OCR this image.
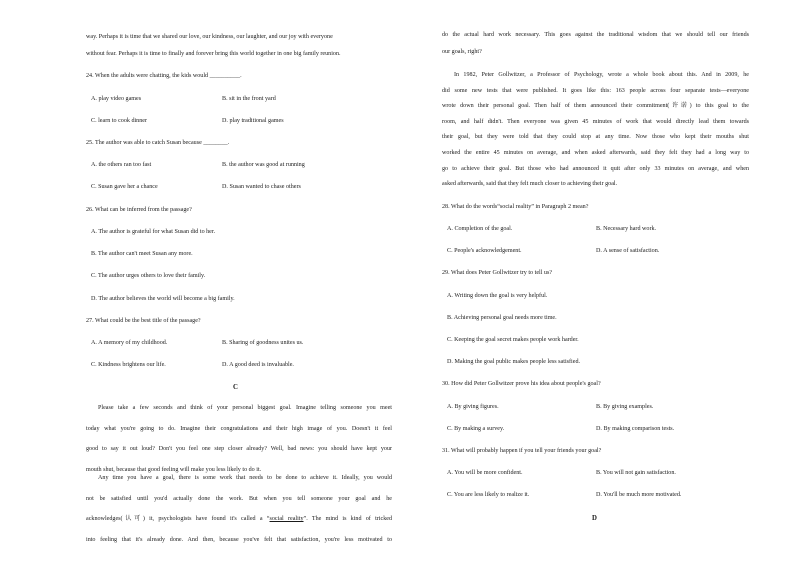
way. Perhaps it is time that we shared our love, our kindness, our laughter, and our joy with everyone
without fear. Perhaps it is time to finally and forever bring this world together in one big family reunion.
24. When the adults were chatting, the kids would __________.
A. play video games	B. sit in the front yard
C. learn to cook dinner	D. play traditional games
25. The author was able to catch Susan because ________.
A. the others ran too fast	B. the author was good at running
C. Susan gave her a chance	D. Susan wanted to chase others
26. What can be inferred from the passage?
A. The author is grateful for what Susan did to her.
B. The author can't meet Susan any more.
C. The author urges others to love their family.
D. The author believes the world will become a big family.
27. What could be the best title of the passage?
A. A memory of my childhood.	B. Sharing of goodness unites us.
C. Kindness brightens our life.	D. A good deed is invaluable.
C
Please take a few seconds and think of your personal biggest goal. Imagine telling someone you meet
today what you're going to do. Imagine their congratulations and their high image of you. Doesn't it feel
good to say it out loud? Don't you feel one step closer already? Well, bad news: you should have kept your
mouth shut, because that good feeling will make you less likely to do it.
Any time you have a goal, there is some work that needs to be done to achieve it. Ideally, you would
not be satisfied until you'd actually done the work. But when you tell someone your goal and he
acknowledges(认可) it, psychologists have found it's called a “social reality”. The mind is kind of tricked
into feeling that it's already done. And then, because you've felt that satisfaction, you're less motivated to
do the actual hard work necessary. This goes against the traditional wisdom that we should tell our friends
our goals, right?
In 1982, Peter Gollwitzer, a Professor of Psychology, wrote a whole book about this. And in 2009, he
did some new tests that were published. It goes like this: 163 people across four separate tests—everyone
wrote down their personal goal. Then half of them announced their commitment(许诺) to this goal to the
room, and half didn't. Then everyone was given 45 minutes of work that would directly lead them towards
their goal, but they were told that they could stop at any time. Now those who kept their mouths shut
worked the entire 45 minutes on average, and when asked afterwards, said they felt they had a long way to
go to achieve their goal. But those who had announced it quit after only 33 minutes on average, and when
asked afterwards, said that they felt much closer to achieving their goal.
28. What do the words“social reality” in Paragraph 2 mean?
A. Completion of the goal.	B. Necessary hard work.
C. People's acknowledgement.	D. A sense of satisfaction.
29. What does Peter Gollwitzer try to tell us?
A. Writing down the goal is very helpful.
B. Achieving personal goal needs more time.
C. Keeping the goal secret makes people work harder.
D. Making the goal public makes people less satisfied.
30. How did Peter Gollwitzer prove his idea about people's goal?
A. By giving figures.	B. By giving examples.
C. By making a survey.	D. By making comparison tests.
31. What will probably happen if you tell your friends your goal?
A. You will be more confident.	B. You will not gain satisfaction.
C. You are less likely to realize it.	D. You'll be much more motivated.
D
